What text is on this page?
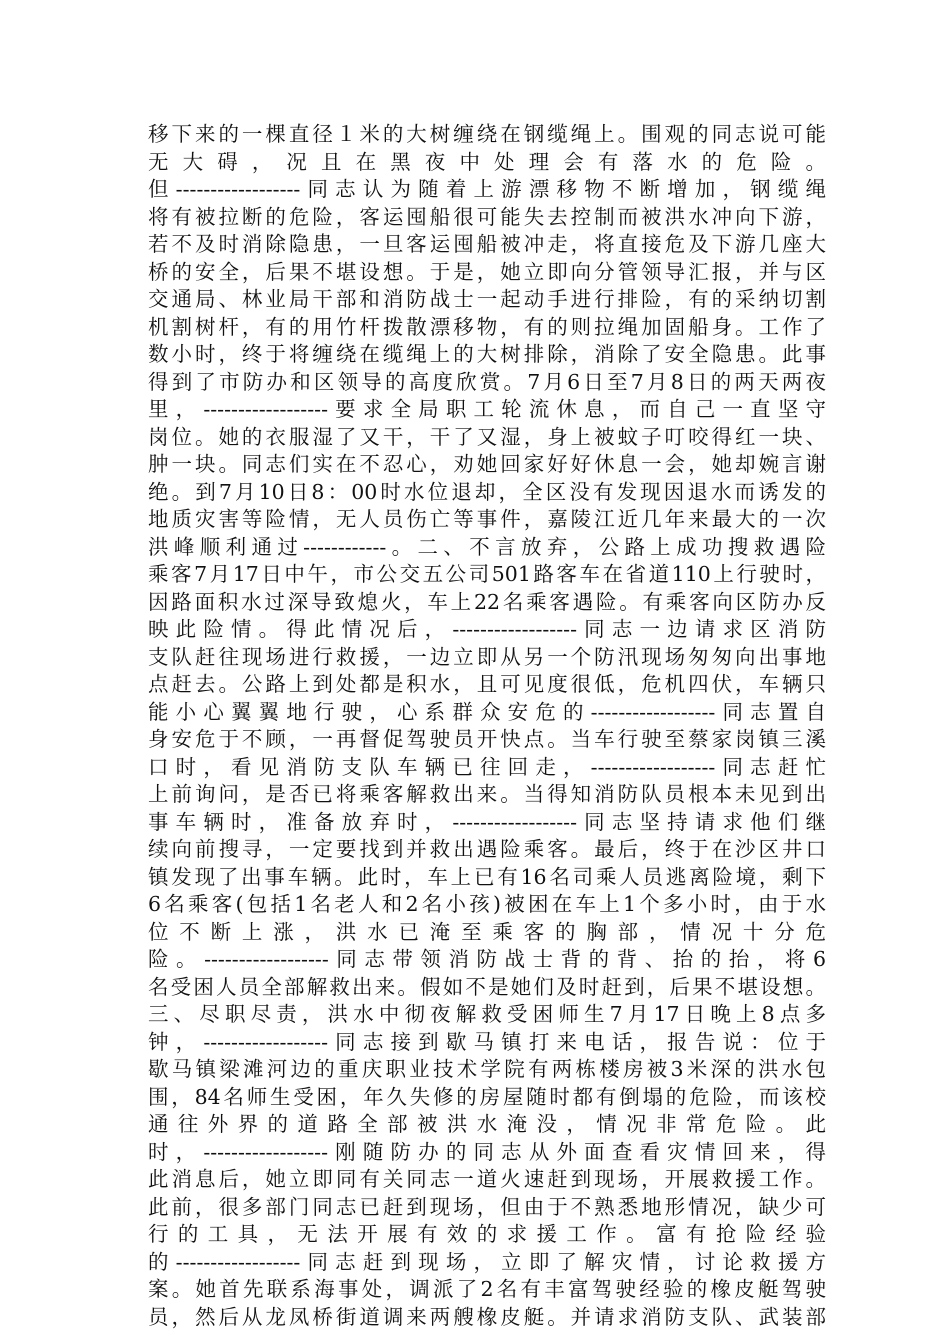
移下来的一棵直径１米的大树缠绕在钢缆绳上。围观的同志说可能
无大碍，况且在黑夜中处理会有落水的危险。
但------------------同志认为随着上游漂移物不断增加，钢缆绳
将有被拉断的危险，客运囤船很可能失去控制而被洪水冲向下游，
若不及时消除隐患，一旦客运囤船被冲走，将直接危及下游几座大
桥的安全，后果不堪设想。于是，她立即向分管领导汇报，并与区
交通局、林业局干部和消防战士一起动手进行排险，有的采纳切割
机割树杆，有的用竹杆拨散漂移物，有的则拉绳加固船身。工作了
数小时，终于将缠绕在缆绳上的大树排除，消除了安全隐患。此事
得到了市防办和区领导的高度欣赏。7月6日至7月8日的两天两夜
里，------------------要求全局职工轮流休息，而自己一直坚守
岗位。她的衣服湿了又干，干了又湿，身上被蚊子叮咬得红一块、
肿一块。同志们实在不忍心，劝她回家好好休息一会，她却婉言谢
绝。到7月10日8：00时水位退却，全区没有发现因退水而诱发的
地质灾害等险情，无人员伤亡等事件，嘉陵江近几年来最大的一次
洪峰顺利通过------------。二、不言放弃，公路上成功搜救遇险
乘客7月17日中午，市公交五公司501路客车在省道110上行驶时，
因路面积水过深导致熄火，车上22名乘客遇险。有乘客向区防办反
映此险情。得此情况后，------------------同志一边请求区消防
支队赶往现场进行救援，一边立即从另一个防汛现场匆匆向出事地
点赶去。公路上到处都是积水，且可见度很低，危机四伏，车辆只
能小心翼翼地行驶，心系群众安危的------------------同志置自
身安危于不顾，一再督促驾驶员开快点。当车行驶至蔡家岗镇三溪
口时，看见消防支队车辆已往回走，------------------同志赶忙
上前询问，是否已将乘客解救出来。当得知消防队员根本未见到出
事车辆时，准备放弃时，------------------同志坚持请求他们继
续向前搜寻，一定要找到并救出遇险乘客。最后，终于在沙区井口
镇发现了出事车辆。此时，车上已有16名司乘人员逃离险境，剩下
6名乘客(包括1名老人和2名小孩)被困在车上1个多小时，由于水
位不断上涨，洪水已淹至乘客的胸部，情况十分危
险。------------------同志带领消防战士背的背、抬的抬，将6
名受困人员全部解救出来。假如不是她们及时赶到，后果不堪设想。
三、尽职尽责，洪水中彻夜解救受困师生7月17日晚上8点多
钟，------------------同志接到歇马镇打来电话，报告说：位于
歇马镇梁滩河边的重庆职业技术学院有两栋楼房被3米深的洪水包
围，84名师生受困，年久失修的房屋随时都有倒塌的危险，而该校
通往外界的道路全部被洪水淹没，情况非常危险。此
时，------------------刚随防办的同志从外面查看灾情回来，得
此消息后，她立即同有关同志一道火速赶到现场，开展救援工作。
此前，很多部门同志已赶到现场，但由于不熟悉地形情况，缺少可
行的工具，无法开展有效的求援工作。富有抢险经验
的------------------同志赶到现场，立即了解灾情，讨论救援方
案。她首先联系海事处，调派了2名有丰富驾驶经验的橡皮艇驾驶
员，然后从龙凤桥街道调来两艘橡皮艇。并请求消防支队、武装部
